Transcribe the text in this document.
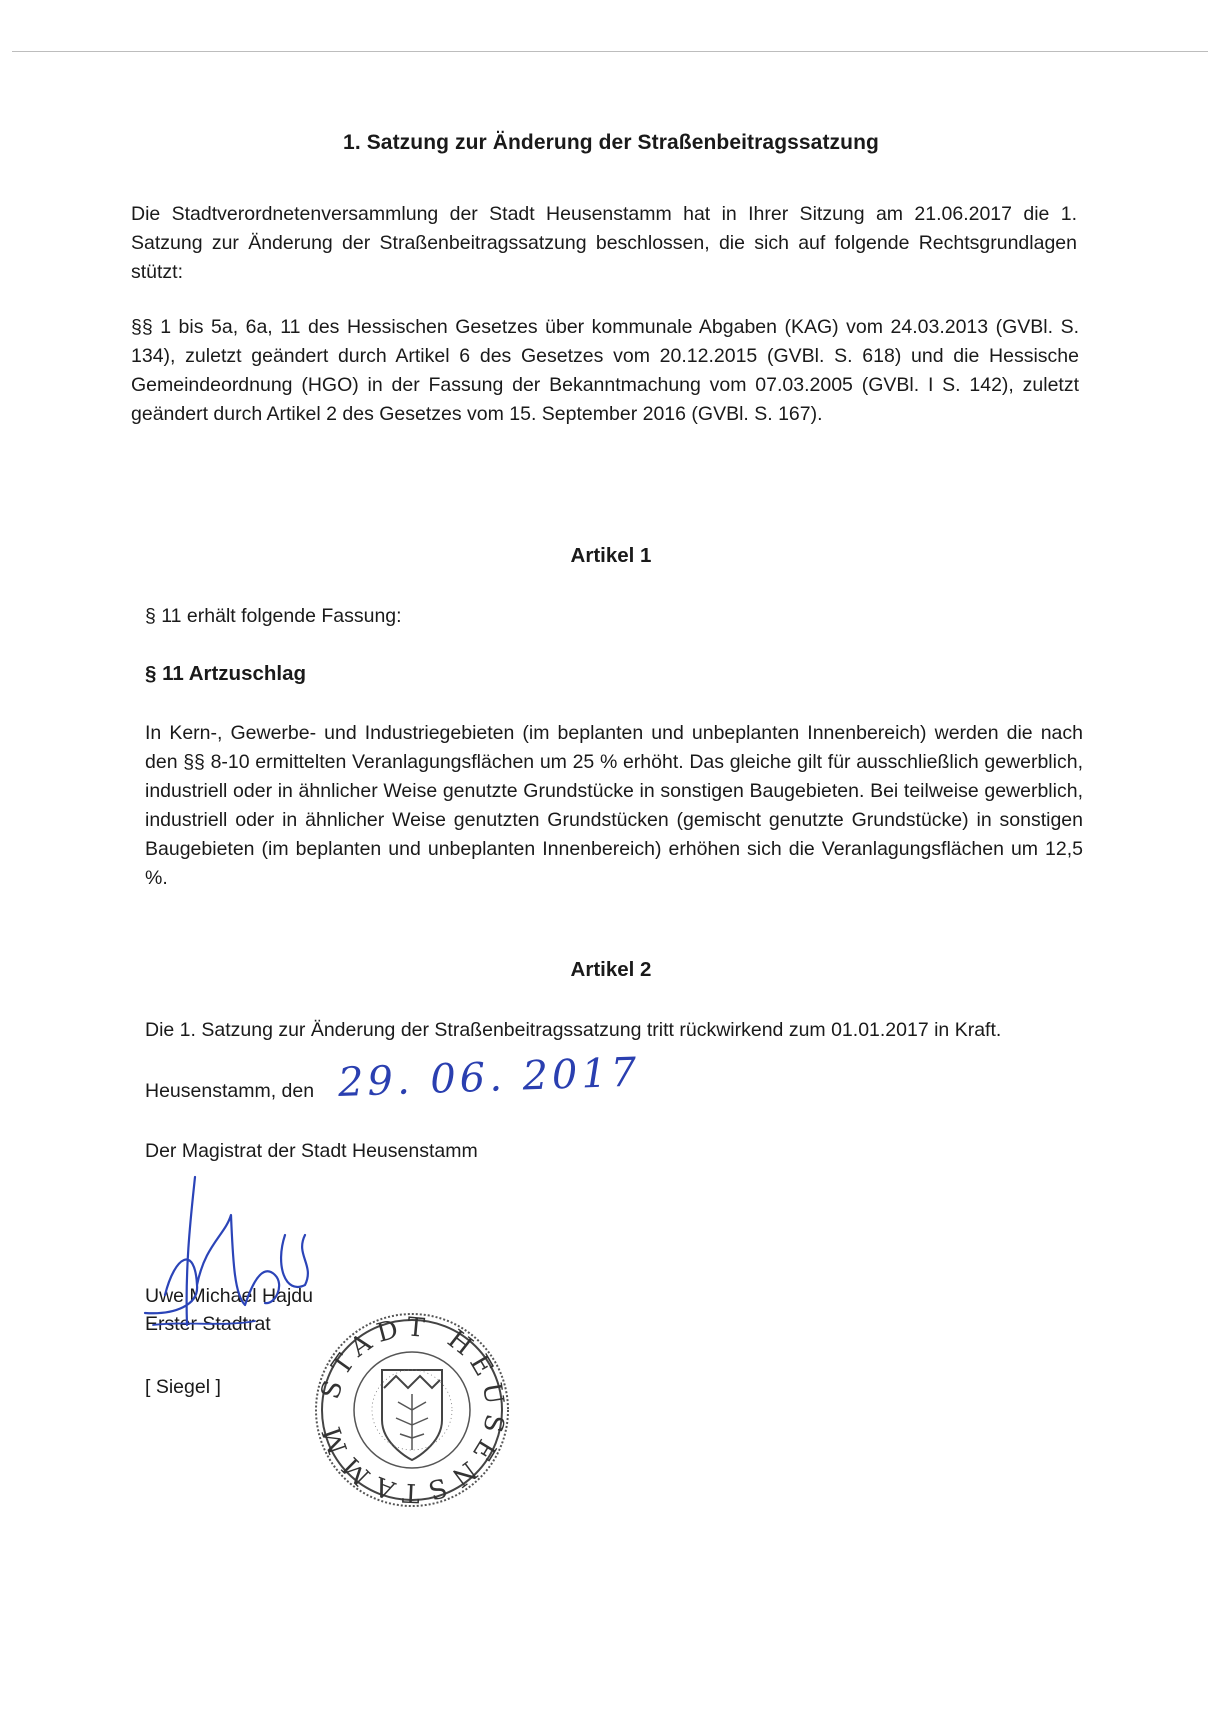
1. Satzung zur Änderung der Straßenbeitragssatzung
Die Stadtverordnetenversammlung der Stadt Heusenstamm hat in Ihrer Sitzung am 21.06.2017 die 1. Satzung zur Änderung der Straßenbeitragssatzung beschlossen, die sich auf folgende Rechtsgrundlagen stützt:
§§ 1 bis 5a, 6a, 11 des Hessischen Gesetzes über kommunale Abgaben (KAG) vom 24.03.2013 (GVBl. S. 134), zuletzt geändert durch Artikel 6 des Gesetzes vom 20.12.2015 (GVBl. S. 618) und die Hessische Gemeindeordnung (HGO) in der Fassung der Bekanntmachung vom 07.03.2005 (GVBl. I S. 142), zuletzt geändert durch Artikel 2 des Gesetzes vom 15. September 2016 (GVBl. S. 167).
Artikel 1
§ 11 erhält folgende Fassung:
§ 11 Artzuschlag
In Kern-, Gewerbe- und Industriegebieten (im beplanten und unbeplanten Innenbereich) werden die nach den §§ 8-10 ermittelten Veranlagungsflächen um 25 % erhöht. Das gleiche gilt für ausschließlich gewerblich, industriell oder in ähnlicher Weise genutzte Grundstücke in sonstigen Baugebieten. Bei teilweise gewerblich, industriell oder in ähnlicher Weise genutzten Grundstücken (gemischt genutzte Grundstücke) in sonstigen Baugebieten (im beplanten und unbeplanten Innenbereich) erhöhen sich die Veranlagungsflächen um 12,5 %.
Artikel 2
Die 1. Satzung zur Änderung der Straßenbeitragssatzung tritt rückwirkend zum 01.01.2017 in Kraft.
Heusenstamm, den 29. 06. 2017
Der Magistrat der Stadt Heusenstamm
Uwe Michael Hajdu
Erster Stadtrat
[ Siegel ]	STADT HEUSENSTAMM
